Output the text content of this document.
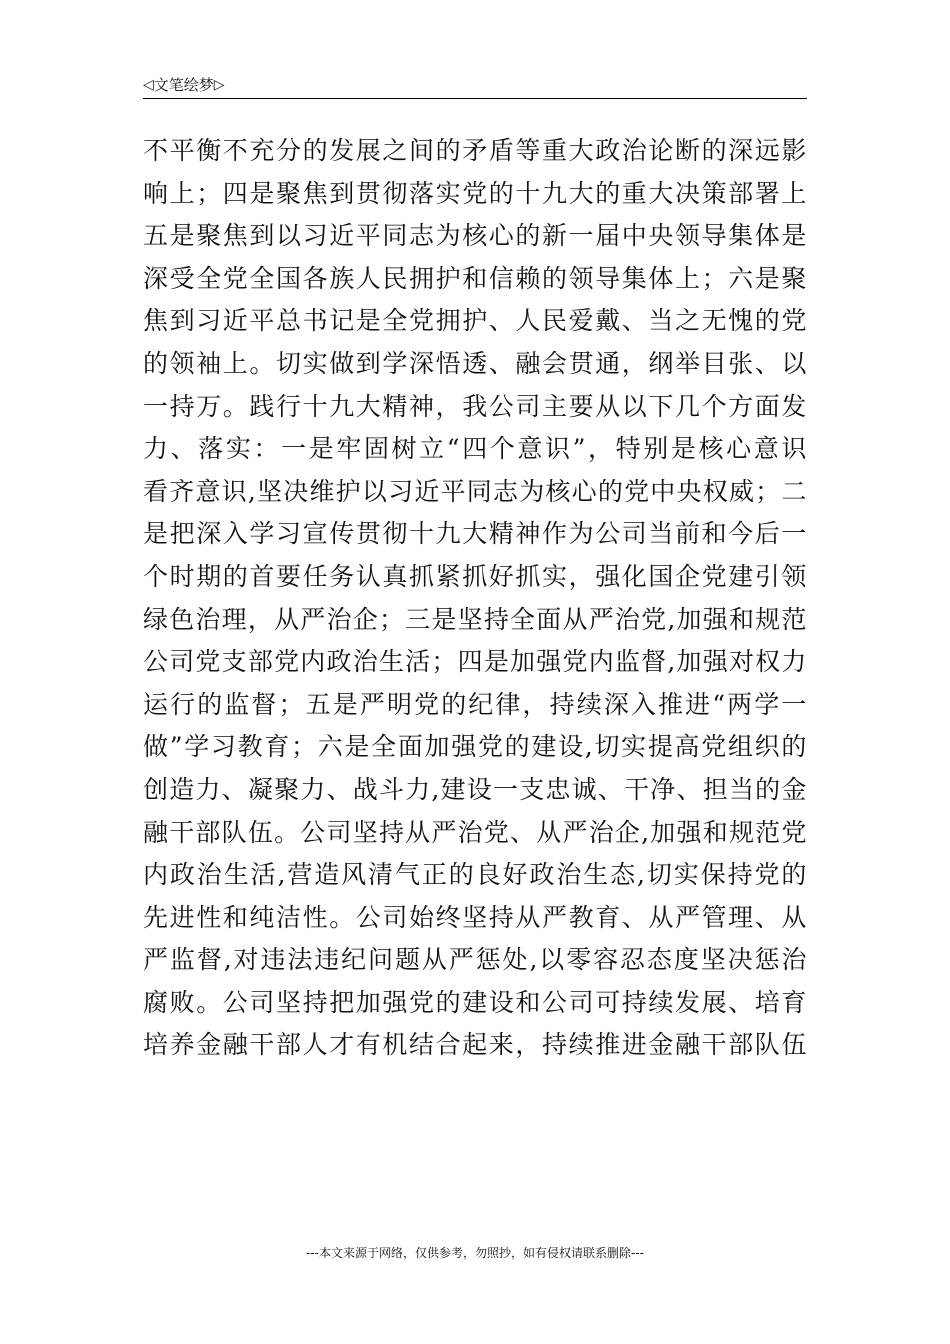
◁文笔绘梦▷
不平衡不充分的发展之间的矛盾等重大政治论断的深远影
响上；四是聚焦到贯彻落实党的十九大的重大决策部署上
五是聚焦到以习近平同志为核心的新一届中央领导集体是
深受全党全国各族人民拥护和信赖的领导集体上；六是聚
焦到习近平总书记是全党拥护、人民爱戴、当之无愧的党
的领袖上。切实做到学深悟透、融会贯通，纲举目张、以
一持万。践行十九大精神，我公司主要从以下几个方面发
力、落实：一是牢固树立“四个意识”，特别是核心意识
看齐意识,坚决维护以习近平同志为核心的党中央权威；二
是把深入学习宣传贯彻十九大精神作为公司当前和今后一
个时期的首要任务认真抓紧抓好抓实，强化国企党建引领
绿色治理，从严治企；三是坚持全面从严治党,加强和规范
公司党支部党内政治生活；四是加强党内监督,加强对权力
运行的监督；五是严明党的纪律，持续深入推进“两学一
做”学习教育；六是全面加强党的建设,切实提高党组织的
创造力、凝聚力、战斗力,建设一支忠诚、干净、担当的金
融干部队伍。公司坚持从严治党、从严治企,加强和规范党
内政治生活,营造风清气正的良好政治生态,切实保持党的
先进性和纯洁性。公司始终坚持从严教育、从严管理、从
严监督,对违法违纪问题从严惩处,以零容忍态度坚决惩治
腐败。公司坚持把加强党的建设和公司可持续发展、培育
培养金融干部人才有机结合起来，持续推进金融干部队伍
---本文来源于网络，仅供参考，勿照抄，如有侵权请联系删除---
